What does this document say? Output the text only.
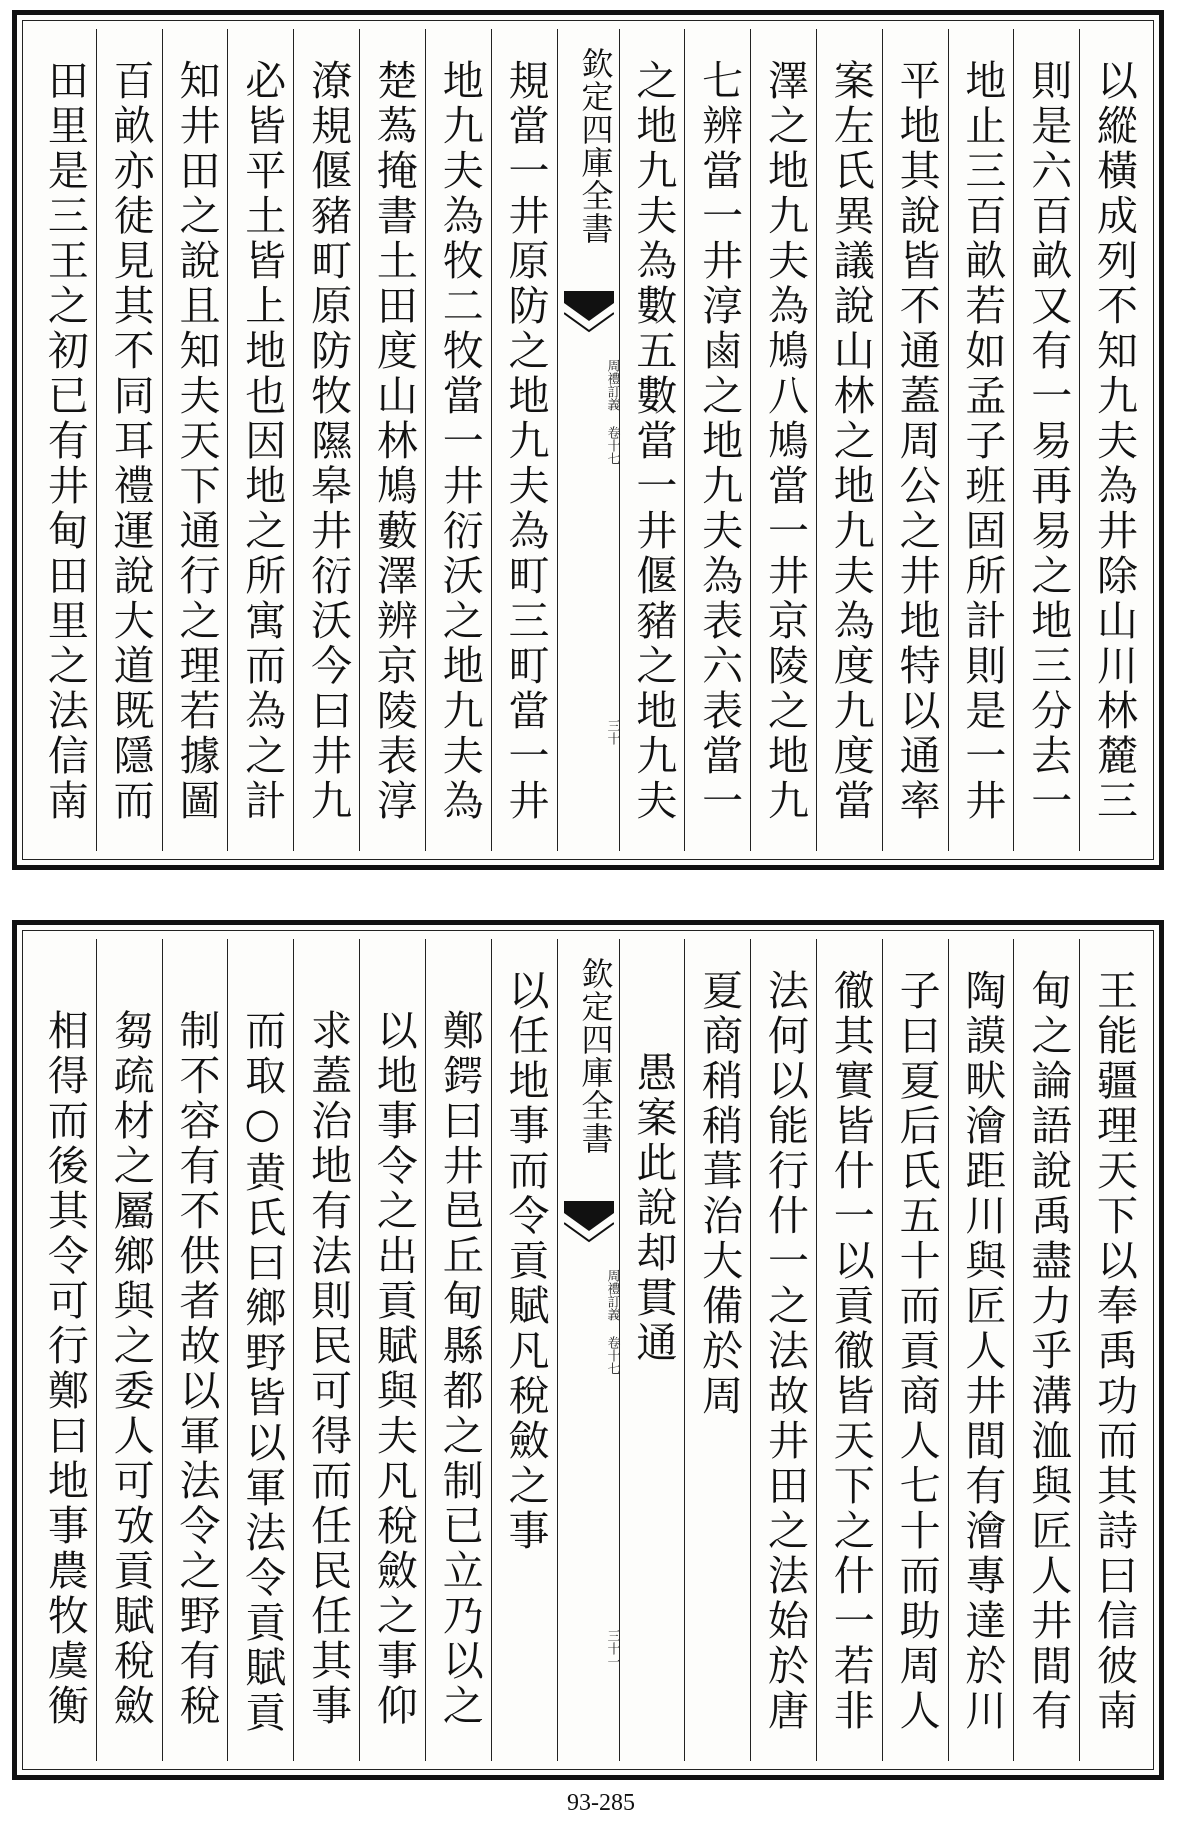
以縱橫成列不知九夫為井除山川林麓三
則是六百畝又有一易再易之地三分去一
地止三百畝若如孟子班固所計則是一井
平地其說皆不通蓋周公之井地特以通率
案左氏異議說山林之地九夫為度九度當
澤之地九夫為鳩八鳩當一井京陵之地九
七辨當一井淳鹵之地九夫為表六表當一
之地九夫為數五數當一井偃豬之地九夫
欽定四庫全書
周禮訂義 卷十七
三十
規當一井原防之地九夫為町三町當一井
地九夫為牧二牧當一井衍沃之地九夫為
楚蒍掩書土田度山林鳩藪澤辨京陵表淳
潦規偃豬町原防牧隰皋井衍沃今曰井九
必皆平土皆上地也因地之所寓而為之計
知井田之說且知夫天下通行之理若據圖
百畝亦徒見其不同耳禮運說大道既隱而
田里是三王之初已有井甸田里之法信南
王能疆理天下以奉禹功而其詩曰信彼南
甸之論語說禹盡力乎溝洫與匠人井間有
陶謨畎澮距川與匠人井間有澮專達於川
子曰夏后氏五十而貢商人七十而助周人
徹其實皆什一以貢徹皆天下之什一若非
法何以能行什一之法故井田之法始於唐
夏商稍稍葺治大備於周
愚案此說却貫通
欽定四庫全書
周禮訂義 卷十七
三十一
以任地事而令貢賦凡稅斂之事
鄭鍔曰井邑丘甸縣都之制已立乃以之
以地事令之出貢賦與夫凡稅斂之事仰
求蓋治地有法則民可得而任民任其事
而取○黄氏曰鄉野皆以軍法令貢賦貢
制不容有不供者故以軍法令之野有稅
芻疏材之屬鄉與之委人可攷貢賦稅斂
相得而後其令可行鄭曰地事農牧虞衡
93-285
